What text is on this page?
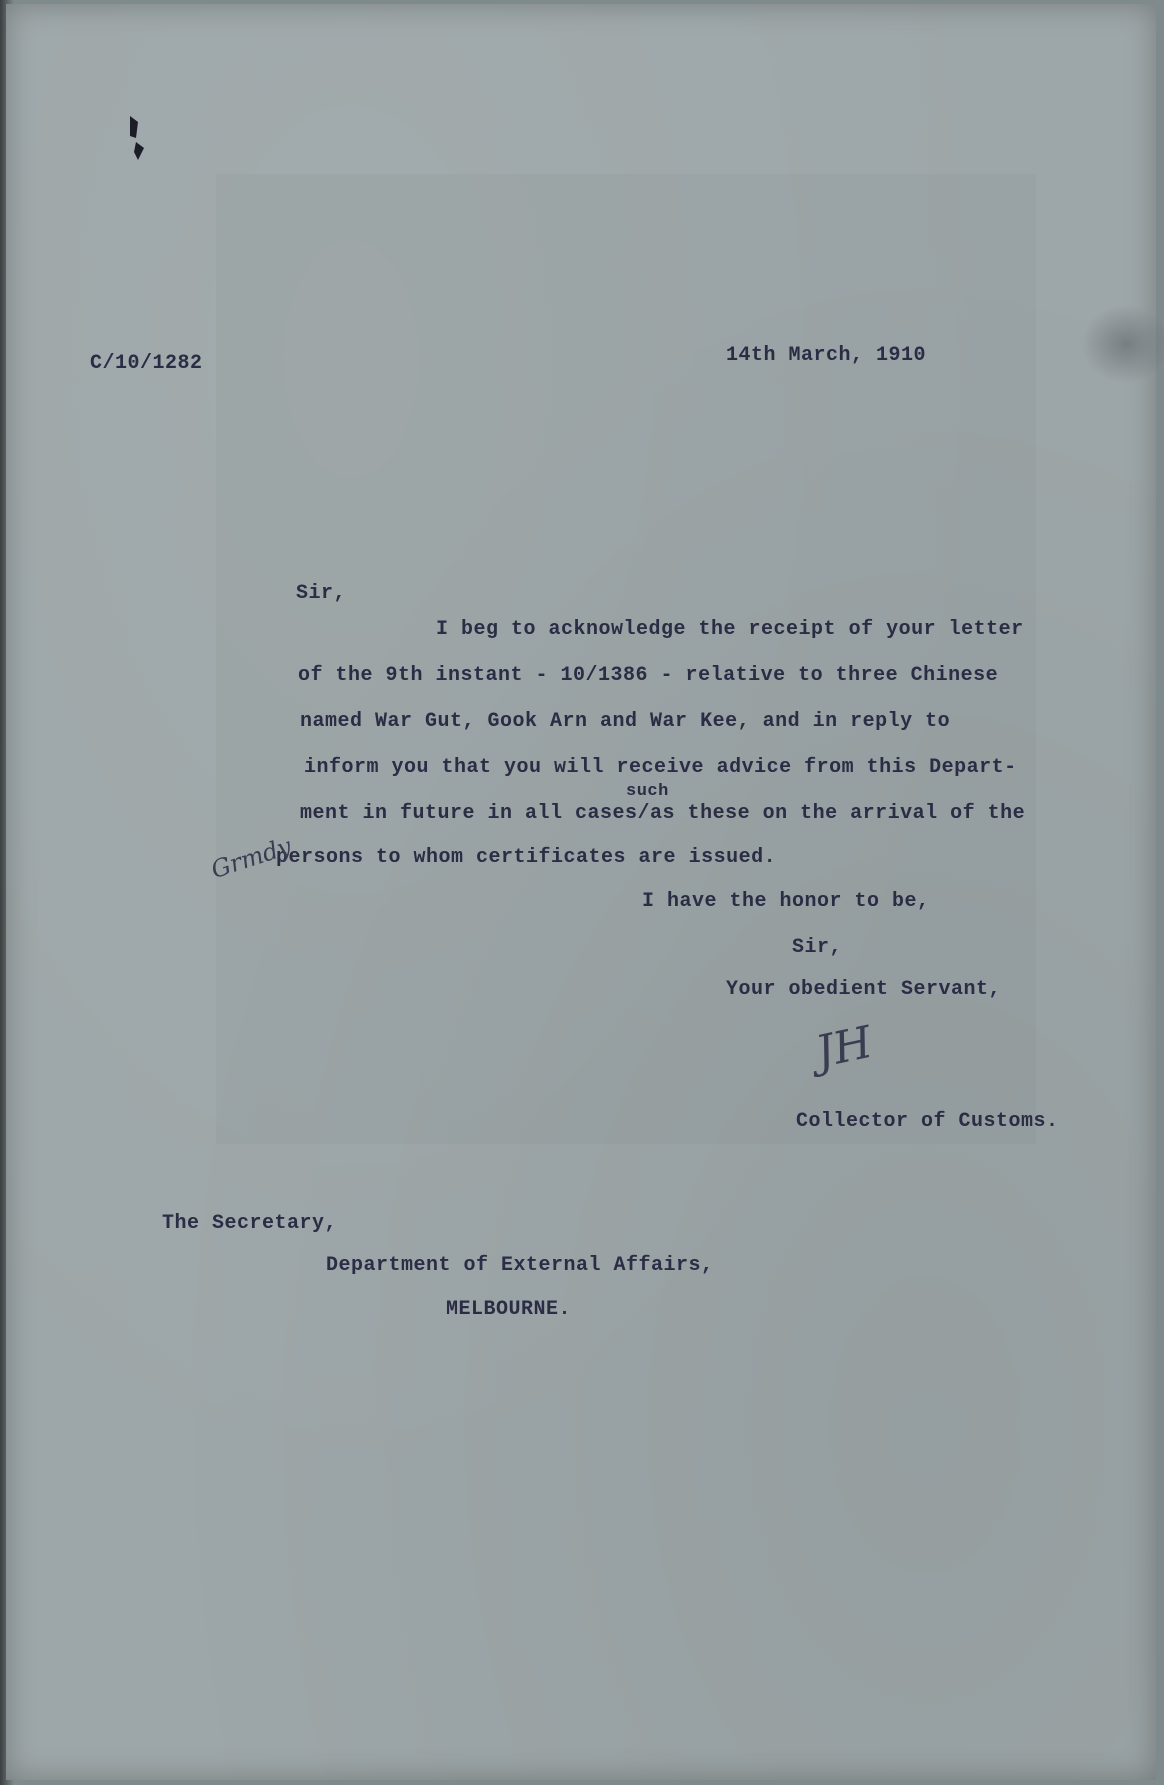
C/10/1282	14th March, 1910
Sir,
I beg to acknowledge the receipt of your letter
of the 9th instant - 10/1386 - relative to three Chinese
named War Gut, Gook Arn and War Kee, and in reply to
inform you that you will receive advice from this Depart-
such
ment in future in all cases/as these on the arrival of the
persons to whom certificates are issued.
Grmdy
I have the honor to be,
Sir,
Your obedient Servant,
JH
Collector of Customs.
The Secretary,
Department of External Affairs,
MELBOURNE.
